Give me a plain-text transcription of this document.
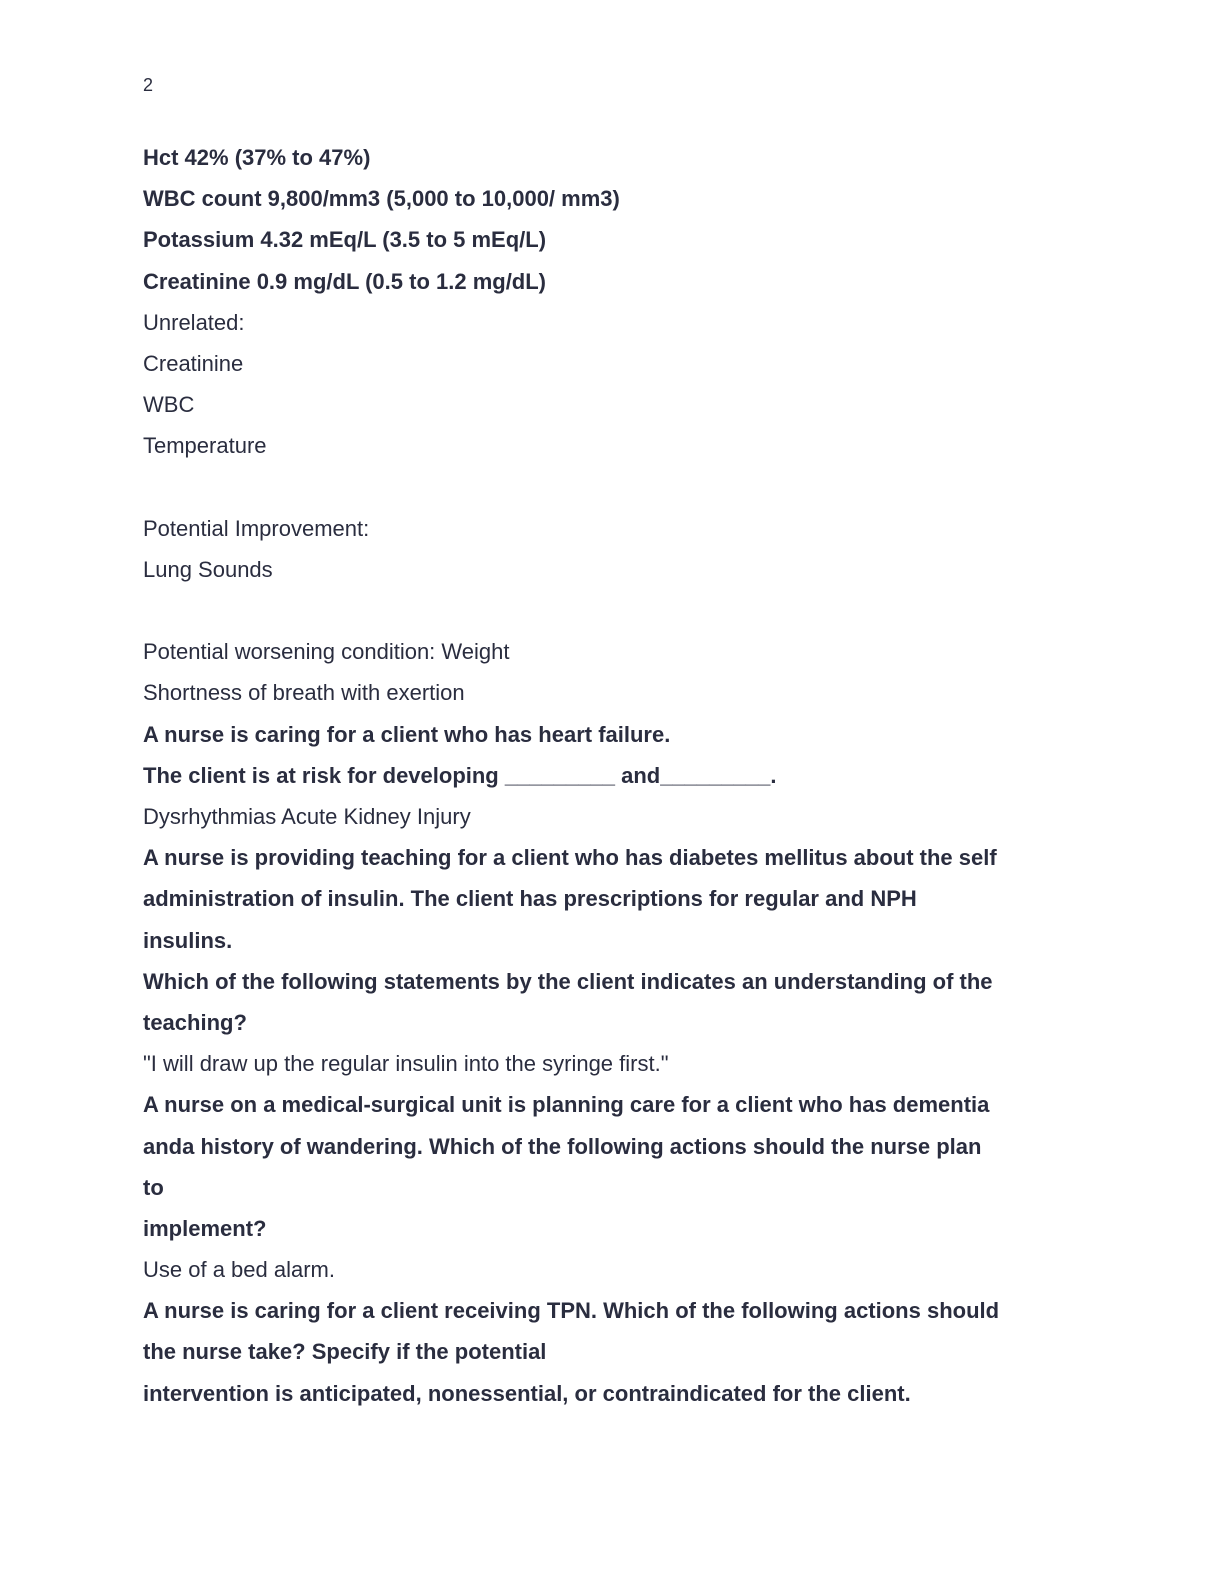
2
Hct 42% (37% to 47%)
WBC count 9,800/mm3 (5,000 to 10,000/ mm3)
Potassium 4.32 mEq/L (3.5 to 5 mEq/L)
Creatinine 0.9 mg/dL (0.5 to 1.2 mg/dL)
Unrelated:
Creatinine
WBC
Temperature
Potential Improvement:
Lung Sounds
Potential worsening condition: Weight
Shortness of breath with exertion
A nurse is caring for a client who has heart failure.
The client is at risk for developing _________ and_________.
Dysrhythmias Acute Kidney Injury
A nurse is providing teaching for a client who has diabetes mellitus about the self
administration of insulin. The client has prescriptions for regular and NPH
insulins.
Which of the following statements by the client indicates an understanding of the
teaching?
"I will draw up the regular insulin into the syringe first."
A nurse on a medical-surgical unit is planning care for a client who has dementia
anda history of wandering. Which of the following actions should the nurse plan
to
implement?
Use of a bed alarm.
A nurse is caring for a client receiving TPN. Which of the following actions should
the nurse take? Specify if the potential
intervention is anticipated, nonessential, or contraindicated for the client.
